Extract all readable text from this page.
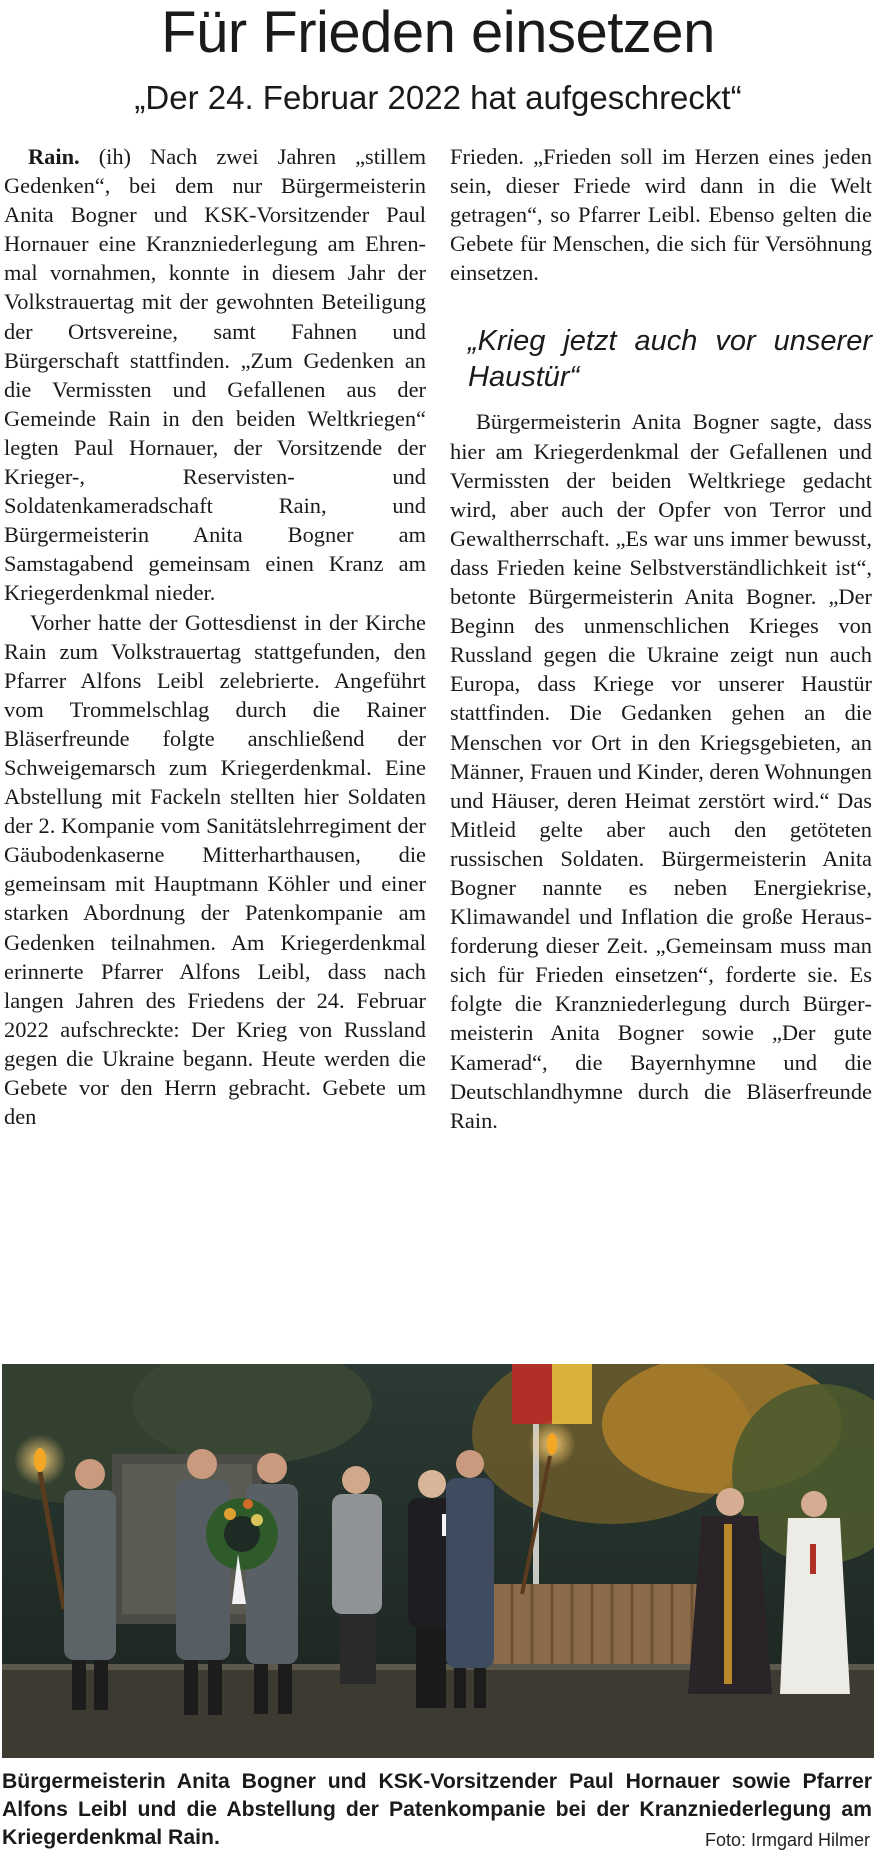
Für Frieden einsetzen
„Der 24. Februar 2022 hat aufgeschreckt“

Rain. (ih) Nach zwei Jahren „stillem Gedenken“, bei dem nur Bürgermeisterin Anita Bogner und KSK-Vorsitzender Paul Hornauer eine Kranzniederlegung am Ehrenmal vornahmen, konnte in diesem Jahr der Volkstrauertag mit der gewohnten Beteiligung der Ortsvereine, samt Fahnen und Bürgerschaft stattfinden. „Zum Gedenken an die Vermissten und Gefallenen aus der Gemeinde Rain in den beiden Weltkriegen“ legten Paul Hornauer, der Vorsitzende der Krieger-, Reservisten- und Soldatenkameradschaft Rain, und Bürgermeisterin Anita Bogner am Samstagabend gemeinsam einen Kranz am Kriegerdenkmal nieder.

Vorher hatte der Gottesdienst in der Kirche Rain zum Volkstrauertag stattgefunden, den Pfarrer Alfons Leibl zelebrierte. Angeführt vom Trommelschlag durch die Rainer Bläserfreunde folgte anschließend der Schweigemarsch zum Kriegerdenkmal. Eine Abstellung mit Fackeln stellten hier Soldaten der 2. Kompanie vom Sanitätslehrregiment der Gäubodenkaserne Mitterharthausen, die gemeinsam mit Hauptmann Köhler und einer starken Abordnung der Patenkompanie am Gedenken teilnahmen. Am Kriegerdenkmal erinnerte Pfarrer Alfons Leibl, dass nach langen Jahren des Friedens der 24. Februar 2022 aufschreckte: Der Krieg von Russland gegen die Ukraine begann. Heute werden die Gebete vor den Herrn gebracht. Gebete um den

Frieden. „Frieden soll im Herzen eines jeden sein, dieser Friede wird dann in die Welt getragen“, so Pfarrer Leibl. Ebenso gelten die Gebete für Menschen, die sich für Versöhnung einsetzen.

„Krieg jetzt auch vor unserer Haustür“

Bürgermeisterin Anita Bogner sagte, dass hier am Kriegerdenkmal der Gefallenen und Vermissten der beiden Weltkriege gedacht wird, aber auch der Opfer von Terror und Gewaltherrschaft. „Es war uns immer bewusst, dass Frieden keine Selbstverständlichkeit ist“, betonte Bürgermeisterin Anita Bogner. „Der Beginn des unmenschlichen Krieges von Russland gegen die Ukraine zeigt nun auch Europa, dass Kriege vor unserer Haustür stattfinden. Die Gedanken gehen an die Menschen vor Ort in den Kriegsgebieten, an Männer, Frauen und Kinder, deren Wohnungen und Häuser, deren Heimat zerstört wird.“ Das Mitleid gelte aber auch den getöteten russischen Soldaten. Bürgermeisterin Anita Bogner nannte es neben Energiekrise, Klimawandel und Inflation die große Herausforderung dieser Zeit. „Gemeinsam muss man sich für Frieden einsetzen“, forderte sie. Es folgte die Kranzniederlegung durch Bürgermeisterin Anita Bogner sowie „Der gute Kamerad“, die Bayernhymne und die Deutschlandhymne durch die Bläserfreunde Rain.

Bürgermeisterin Anita Bogner und KSK-Vorsitzender Paul Hornauer sowie Pfarrer Alfons Leibl und die Abstellung der Patenkompanie bei der Kranzniederlegung am Kriegerdenkmal Rain.	Foto: Irmgard Hilmer
